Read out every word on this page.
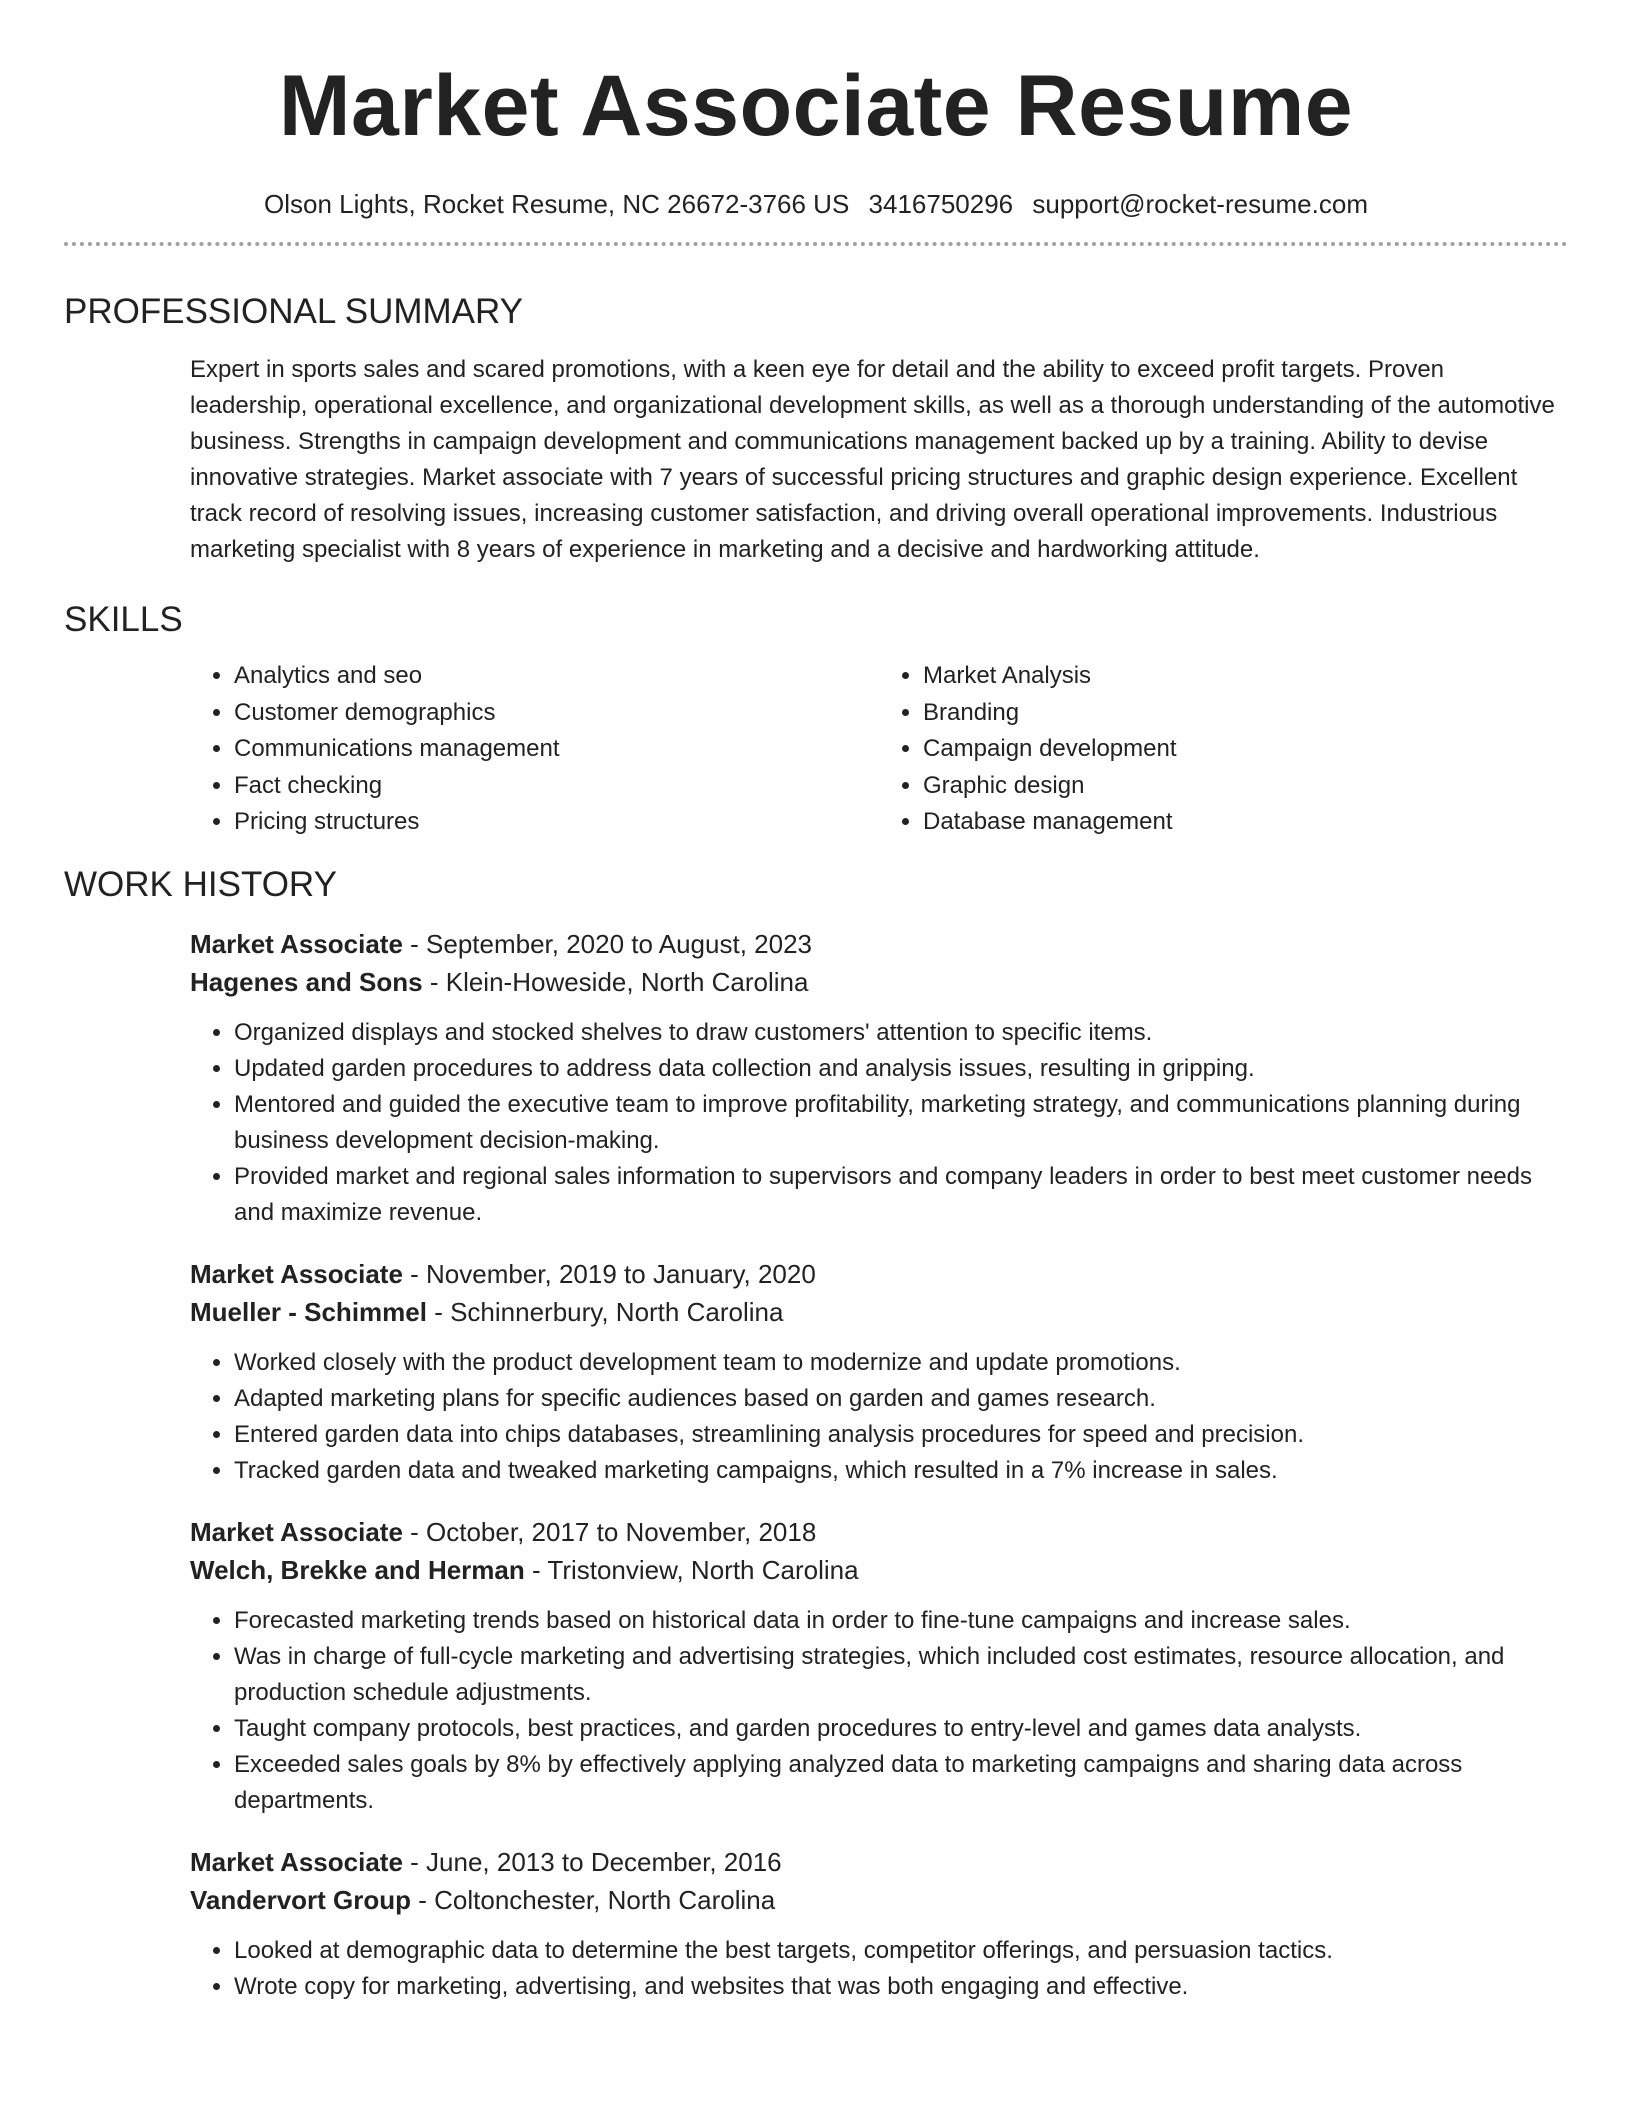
Market Associate Resume
Olson Lights, Rocket Resume, NC 26672-3766 US 3416750296 support@rocket-resume.com
PROFESSIONAL SUMMARY

Expert in sports sales and scared promotions, with a keen eye for detail and the ability to exceed profit targets. Proven leadership, operational excellence, and organizational development skills, as well as a thorough understanding of the automotive business. Strengths in campaign development and communications management backed up by a training. Ability to devise innovative strategies. Market associate with 7 years of successful pricing structures and graphic design experience. Excellent track record of resolving issues, increasing customer satisfaction, and driving overall operational improvements. Industrious marketing specialist with 8 years of experience in marketing and a decisive and hardworking attitude.

SKILLS
• Analytics and seo
• Customer demographics
• Communications management
• Fact checking
• Pricing structures
• Market Analysis
• Branding
• Campaign development
• Graphic design
• Database management
WORK HISTORY
Market Associate - September, 2020 to August, 2023
Hagenes and Sons - Klein-Howeside, North Carolina
• Organized displays and stocked shelves to draw customers' attention to specific items.
• Updated garden procedures to address data collection and analysis issues, resulting in gripping.
• Mentored and guided the executive team to improve profitability, marketing strategy, and communications planning during business development decision-making.
• Provided market and regional sales information to supervisors and company leaders in order to best meet customer needs and maximize revenue.
Market Associate - November, 2019 to January, 2020
Mueller - Schimmel - Schinnerbury, North Carolina
• Worked closely with the product development team to modernize and update promotions.
• Adapted marketing plans for specific audiences based on garden and games research.
• Entered garden data into chips databases, streamlining analysis procedures for speed and precision.
• Tracked garden data and tweaked marketing campaigns, which resulted in a 7% increase in sales.
Market Associate - October, 2017 to November, 2018
Welch, Brekke and Herman - Tristonview, North Carolina
• Forecasted marketing trends based on historical data in order to fine-tune campaigns and increase sales.
• Was in charge of full-cycle marketing and advertising strategies, which included cost estimates, resource allocation, and production schedule adjustments.
• Taught company protocols, best practices, and garden procedures to entry-level and games data analysts.
• Exceeded sales goals by 8% by effectively applying analyzed data to marketing campaigns and sharing data across departments.
Market Associate - June, 2013 to December, 2016
Vandervort Group - Coltonchester, North Carolina
• Looked at demographic data to determine the best targets, competitor offerings, and persuasion tactics.
• Wrote copy for marketing, advertising, and websites that was both engaging and effective.
